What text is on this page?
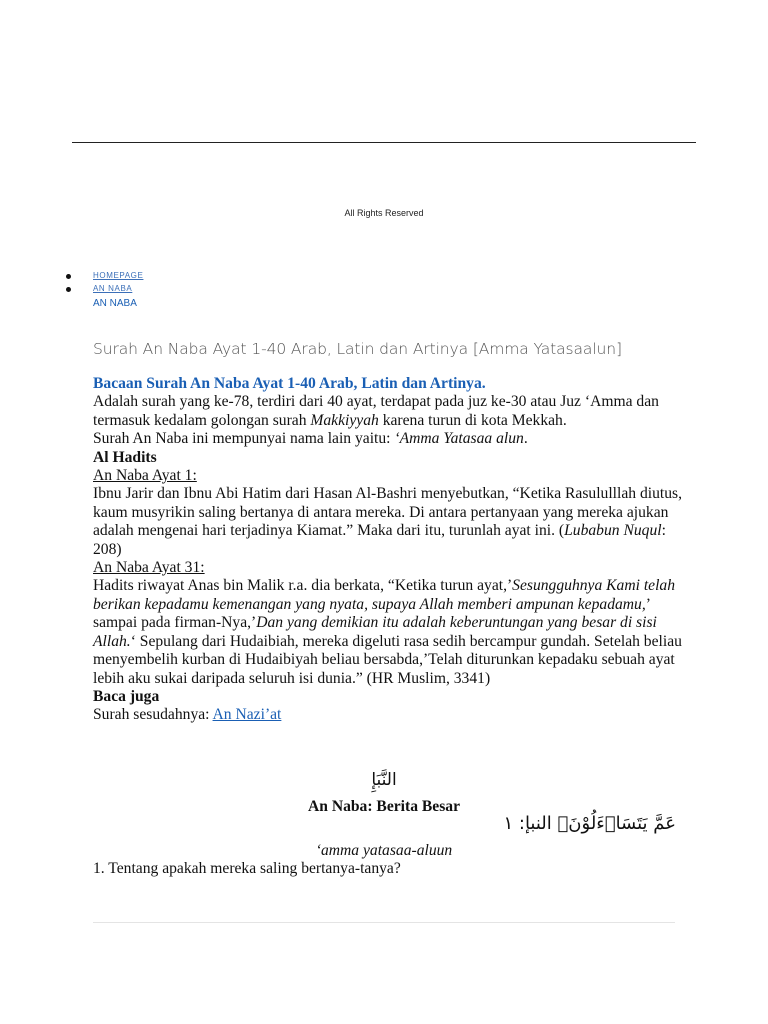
All Rights Reserved
HOMEPAGE
AN NABA
AN NABA
Surah An Naba Ayat 1-40 Arab, Latin dan Artinya [Amma Yatasaalun]

Bacaan Surah An Naba Ayat 1-40 Arab, Latin dan Artinya.

Adalah surah yang ke-78, terdiri dari 40 ayat, terdapat pada juz ke-30 atau Juz ‘Amma dan termasuk kedalam golongan surah Makkiyyah karena turun di kota Mekkah.

Surah An Naba ini mempunyai nama lain yaitu: ‘Amma Yatasaa alun.

Al Hadits

An Naba Ayat 1:

Ibnu Jarir dan Ibnu Abi Hatim dari Hasan Al-Bashri menyebutkan, “Ketika Rasululllah diutus, kaum musyrikin saling bertanya di antara mereka. Di antara pertanyaan yang mereka ajukan adalah mengenai hari terjadinya Kiamat.” Maka dari itu, turunlah ayat ini. (Lubabun Nuqul: 208)

An Naba Ayat 31:

Hadits riwayat Anas bin Malik r.a. dia berkata, “Ketika turun ayat,’Sesungguhnya Kami telah berikan kepadamu kemenangan yang nyata, supaya Allah memberi ampunan kepadamu,’ sampai pada firman-Nya,’Dan yang demikian itu adalah keberuntungan yang besar di sisi Allah.‘ Sepulang dari Hudaibiah, mereka digeluti rasa sedih bercampur gundah. Setelah beliau menyembelih kurban di Hudaibiyah beliau bersabda,’Telah diturunkan kepadaku sebuah ayat lebih aku sukai daripada seluruh isi dunia.” (HR Muslim, 3341)

Baca juga

Surah sesudahnya: An Nazi’at

النَّبَإِ
An Naba: Berita Besar
عَمَّ يَتَسَاۤءَلُوْنَۚ النبإ: ١
‘amma yatasaa-aluun
1. Tentang apakah mereka saling bertanya-tanya?
